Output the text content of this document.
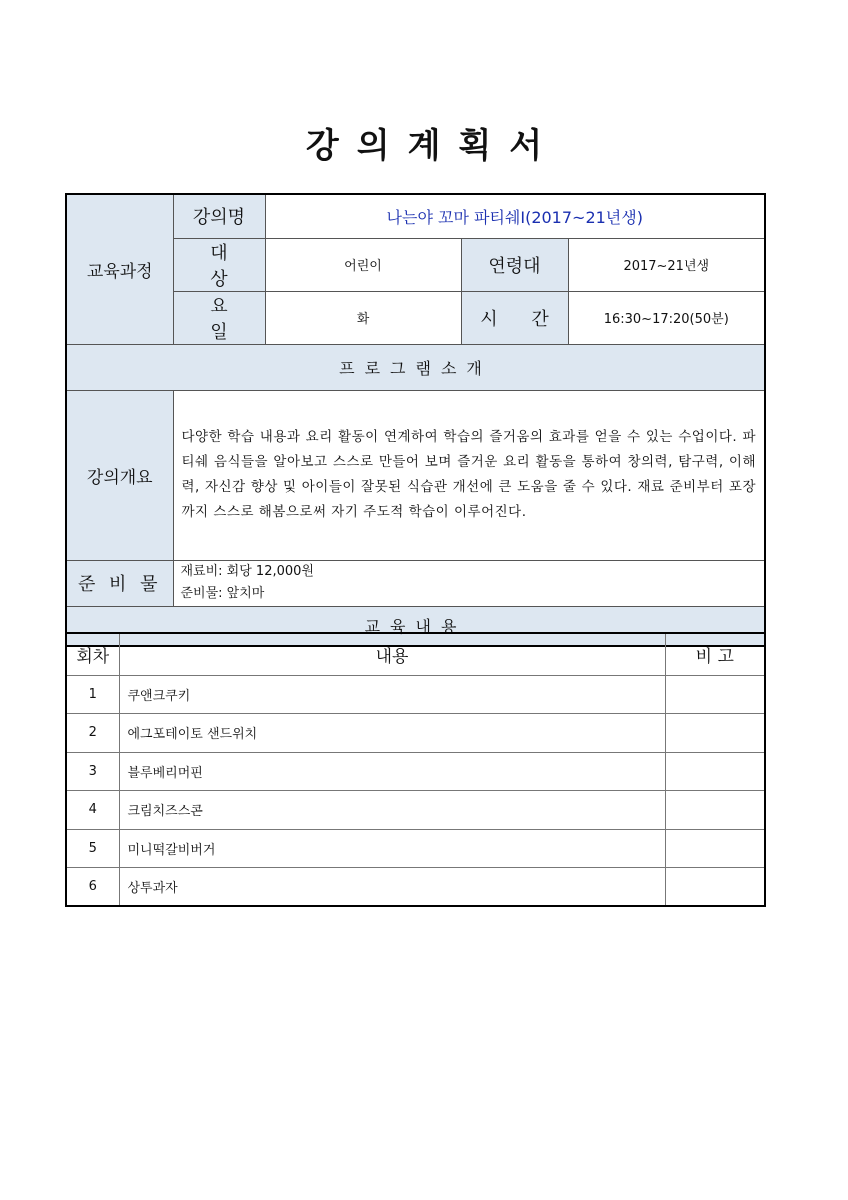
강의계획서
교육과정	강의명	나는야 꼬마 파티쉐Ⅰ(2017~21년생)		
	대 상	어린이	연령대	2017~21년생
	요 일	화	시 간	16:30~17:20(50분)
프로그램소개				
강의개요	다양한 학습 내용과 요리 활동이 연계하여 학습의 즐거움의 효과를 얻을 수 있는 수업이다. 파티쉐 음식들을 알아보고 스스로 만들어 보며 즐거운 요리 활동을 통하여 창의력, 탐구력, 이해력, 자신감 향상 및 아이들이 잘못된 식습관 개선에 큰 도움을 줄 수 있다. 재료 준비부터 포장까지 스스로 해봄으로써 자기 주도적 학습이 이루어진다.			
준 비 물	재료비: 회당 12,000원
준비물: 앞치마			

교육내용				
회차	내용	비 고
1	쿠앤크쿠키	
2	에그포테이토 샌드위치	
3	블루베리머핀	
4	크림치즈스콘	
5	미니떡갈비버거	
6	상투과자	
